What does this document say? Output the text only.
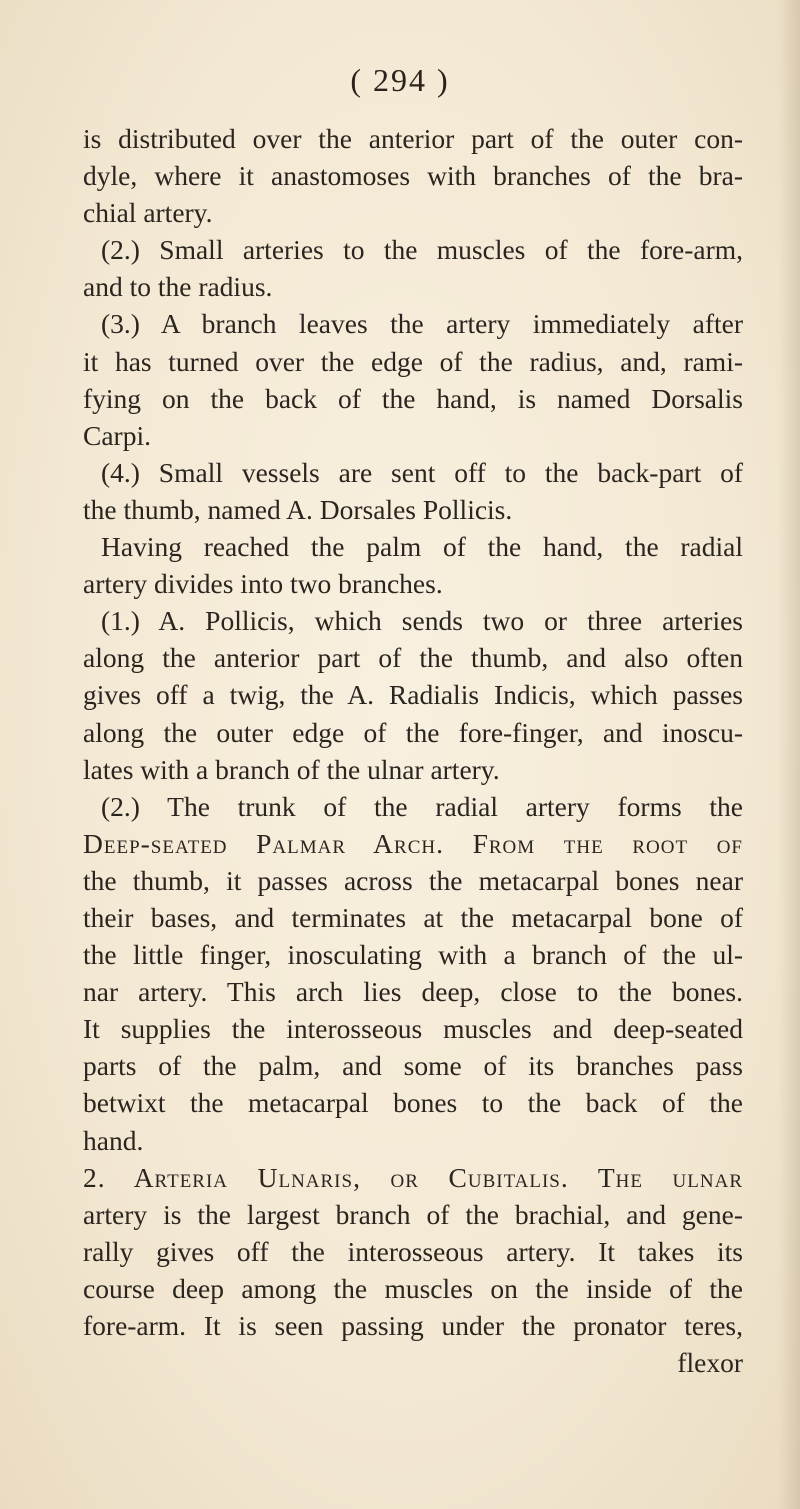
( 294 )
is distributed over the anterior part of the outer con-
dyle, where it anastomoses with branches of the bra-
chial artery.
(2.) Small arteries to the muscles of the fore-arm,
and to the radius.
(3.) A branch leaves the artery immediately after
it has turned over the edge of the radius, and, rami-
fying on the back of the hand, is named Dorsalis
Carpi.
(4.) Small vessels are sent off to the back-part of
the thumb, named A. Dorsales Pollicis.
Having reached the palm of the hand, the radial
artery divides into two branches.
(1.) A. Pollicis, which sends two or three arteries
along the anterior part of the thumb, and also often
gives off a twig, the A. Radialis Indicis, which passes
along the outer edge of the fore-finger, and inoscu-
lates with a branch of the ulnar artery.
(2.) The trunk of the radial artery forms the
Deep-seated Palmar Arch. From the root of
the thumb, it passes across the metacarpal bones near
their bases, and terminates at the metacarpal bone of
the little finger, inosculating with a branch of the ul-
nar artery. This arch lies deep, close to the bones.
It supplies the interosseous muscles and deep-seated
parts of the palm, and some of its branches pass
betwixt the metacarpal bones to the back of the
hand.
2. Arteria Ulnaris, or Cubitalis. The ulnar
artery is the largest branch of the brachial, and gene-
rally gives off the interosseous artery. It takes its
course deep among the muscles on the inside of the
fore-arm. It is seen passing under the pronator teres,
flexor
